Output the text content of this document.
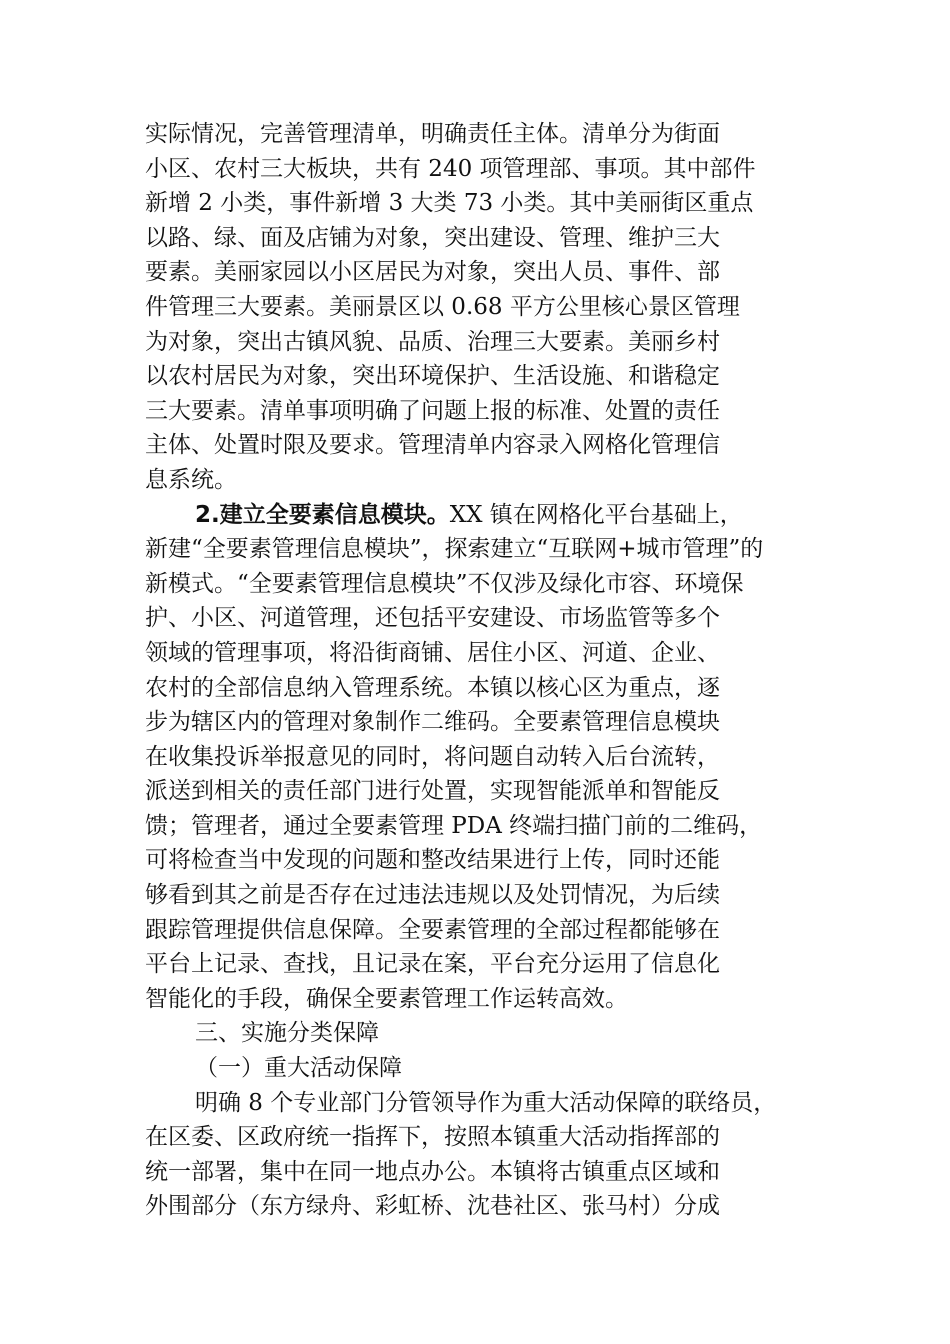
实际情况，完善管理清单，明确责任主体。清单分为街面
小区、农村三大板块，共有 240 项管理部、事项。其中部件
新增 2 小类，事件新增 3 大类 73 小类。其中美丽街区重点
以路、绿、面及店铺为对象，突出建设、管理、维护三大
要素。美丽家园以小区居民为对象，突出人员、事件、部
件管理三大要素。美丽景区以 0.68 平方公里核心景区管理
为对象，突出古镇风貌、品质、治理三大要素。美丽乡村
以农村居民为对象，突出环境保护、生活设施、和谐稳定
三大要素。清单事项明确了问题上报的标准、处置的责任
主体、处置时限及要求。管理清单内容录入网格化管理信
息系统。
2.建立全要素信息模块。XX 镇在网格化平台基础上，
新建“全要素管理信息模块”，探索建立“互联网+城市管理”的
新模式。“全要素管理信息模块”不仅涉及绿化市容、环境保
护、小区、河道管理，还包括平安建设、市场监管等多个
领域的管理事项，将沿街商铺、居住小区、河道、企业、
农村的全部信息纳入管理系统。本镇以核心区为重点，逐
步为辖区内的管理对象制作二维码。全要素管理信息模块
在收集投诉举报意见的同时，将问题自动转入后台流转，
派送到相关的责任部门进行处置，实现智能派单和智能反
馈；管理者，通过全要素管理 PDA 终端扫描门前的二维码，
可将检查当中发现的问题和整改结果进行上传，同时还能
够看到其之前是否存在过违法违规以及处罚情况，为后续
跟踪管理提供信息保障。全要素管理的全部过程都能够在
平台上记录、查找，且记录在案，平台充分运用了信息化
智能化的手段，确保全要素管理工作运转高效。
三、实施分类保障
（一）重大活动保障
明确 8 个专业部门分管领导作为重大活动保障的联络员，
在区委、区政府统一指挥下，按照本镇重大活动指挥部的
统一部署，集中在同一地点办公。本镇将古镇重点区域和
外围部分（东方绿舟、彩虹桥、沈巷社区、张马村）分成
